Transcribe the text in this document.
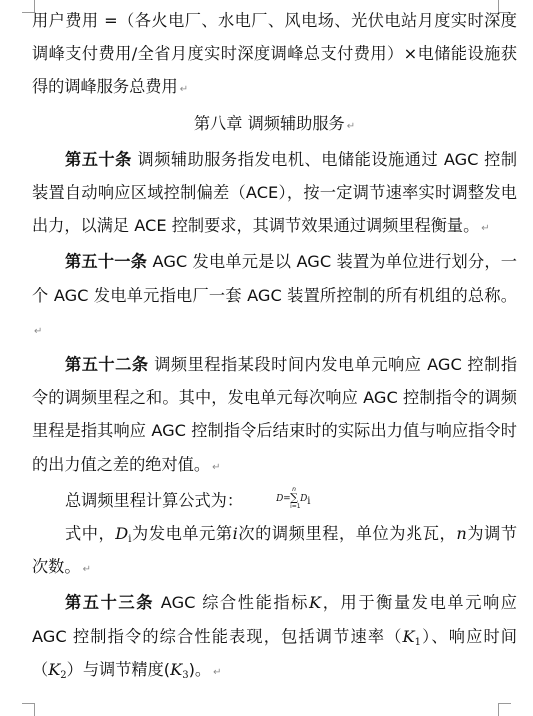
用户费用 =（各火电厂、水电厂、风电场、光伏电站月度实时深度调峰支付费用/全省月度实时深度调峰总支付费用）×电储能设施获得的调峰服务总费用 ↵

第八章 调频辅助服务 ↵

第五十条 调频辅助服务指发电机、电储能设施通过 AGC 控制装置自动响应区域控制偏差（ACE），按一定调节速率实时调整发电出力，以满足 ACE 控制要求，其调节效果通过调频里程衡量。 ↵

第五十一条 AGC 发电单元是以 AGC 装置为单位进行划分，一个 AGC 发电单元指电厂一套 AGC 装置所控制的所有机组的总称。↵

第五十二条 调频里程指某段时间内发电单元响应 AGC 控制指令的调频里程之和。其中，发电单元每次响应 AGC 控制指令的调频里程是指其响应 AGC 控制指令后结束时的实际出力值与响应指令时的出力值之差的绝对值。 ↵

总调频里程计算公式为：	D = ∑
n
i=1
$D_i$

式中，$D_i$为发电单元第i次的调频里程，单位为兆瓦，n为调节次数。 ↵

第五十三条 AGC 综合性能指标K，用于衡量发电单元响应 AGC 控制指令的综合性能表现，包括调节速率$(K_1)$、响应时间$(K_2)$与调节精度$(K_3)$。 ↵
